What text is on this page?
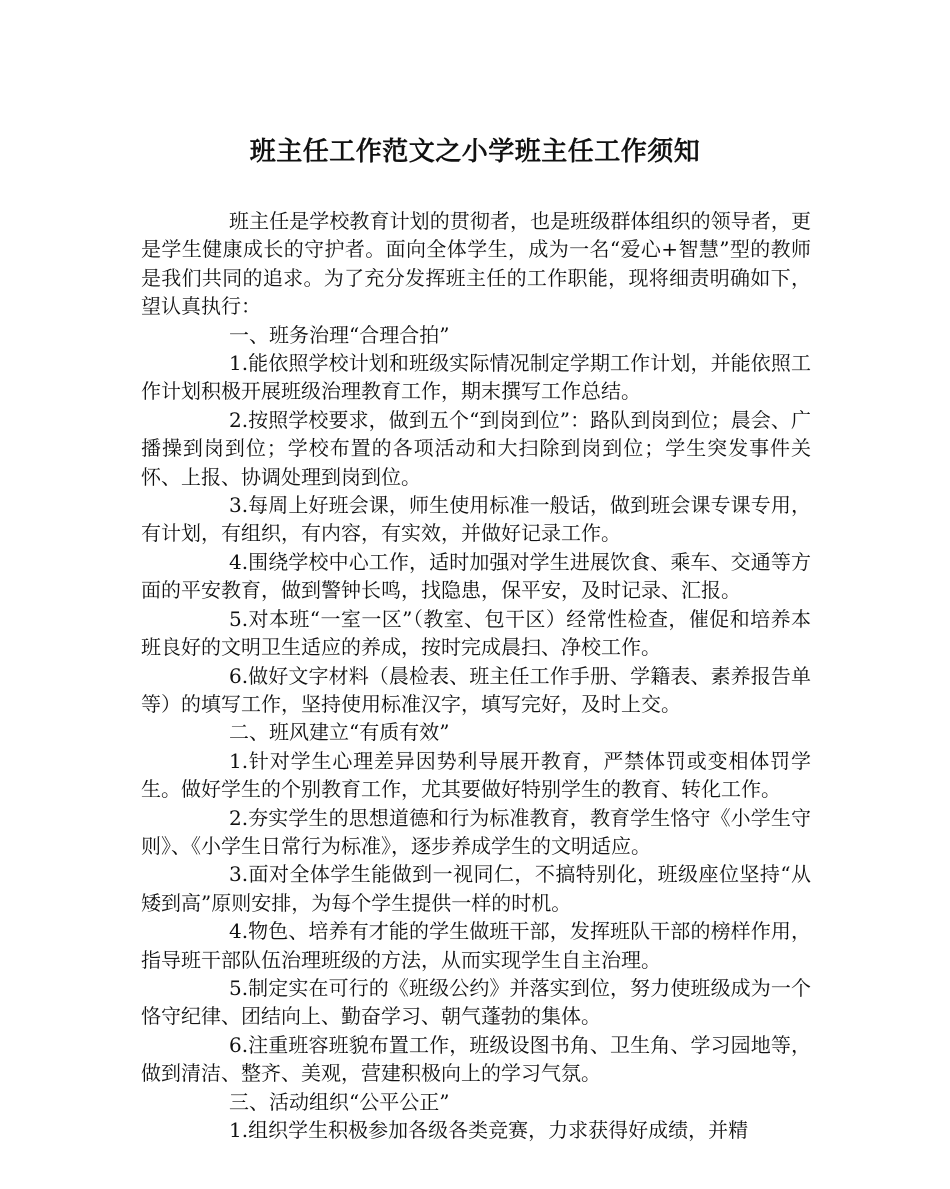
班主任工作范文之小学班主任工作须知

班主任是学校教育计划的贯彻者，也是班级群体组织的领导者，更是学生健康成长的守护者。面向全体学生，成为一名“爱心+智慧”型的教师是我们共同的追求。为了充分发挥班主任的工作职能，现将细责明确如下，望认真执行：

一、班务治理“合理合拍”

1.能依照学校计划和班级实际情况制定学期工作计划，并能依照工作计划积极开展班级治理教育工作，期末撰写工作总结。

2.按照学校要求，做到五个“到岗到位”：路队到岗到位；晨会、广播操到岗到位；学校布置的各项活动和大扫除到岗到位；学生突发事件关怀、上报、协调处理到岗到位。

3.每周上好班会课，师生使用标准一般话，做到班会课专课专用，有计划，有组织，有内容，有实效，并做好记录工作。

4.围绕学校中心工作，适时加强对学生进展饮食、乘车、交通等方面的平安教育，做到警钟长鸣，找隐患，保平安，及时记录、汇报。

5.对本班“一室一区”（教室、包干区）经常性检查，催促和培养本班良好的文明卫生适应的养成，按时完成晨扫、净校工作。

6.做好文字材料（晨检表、班主任工作手册、学籍表、素养报告单等）的填写工作，坚持使用标准汉字，填写完好，及时上交。

二、班风建立“有质有效”

1.针对学生心理差异因势利导展开教育，严禁体罚或变相体罚学生。做好学生的个别教育工作，尤其要做好特别学生的教育、转化工作。

2.夯实学生的思想道德和行为标准教育，教育学生恪守《小学生守则》、《小学生日常行为标准》，逐步养成学生的文明适应。

3.面对全体学生能做到一视同仁，不搞特别化，班级座位坚持“从矮到高”原则安排，为每个学生提供一样的时机。

4.物色、培养有才能的学生做班干部，发挥班队干部的榜样作用，指导班干部队伍治理班级的方法，从而实现学生自主治理。

5.制定实在可行的《班级公约》并落实到位，努力使班级成为一个恪守纪律、团结向上、勤奋学习、朝气蓬勃的集体。

6.注重班容班貌布置工作，班级设图书角、卫生角、学习园地等，做到清洁、整齐、美观，营建积极向上的学习气氛。

三、活动组织“公平公正”

1.组织学生积极参加各级各类竞赛，力求获得好成绩，并精
